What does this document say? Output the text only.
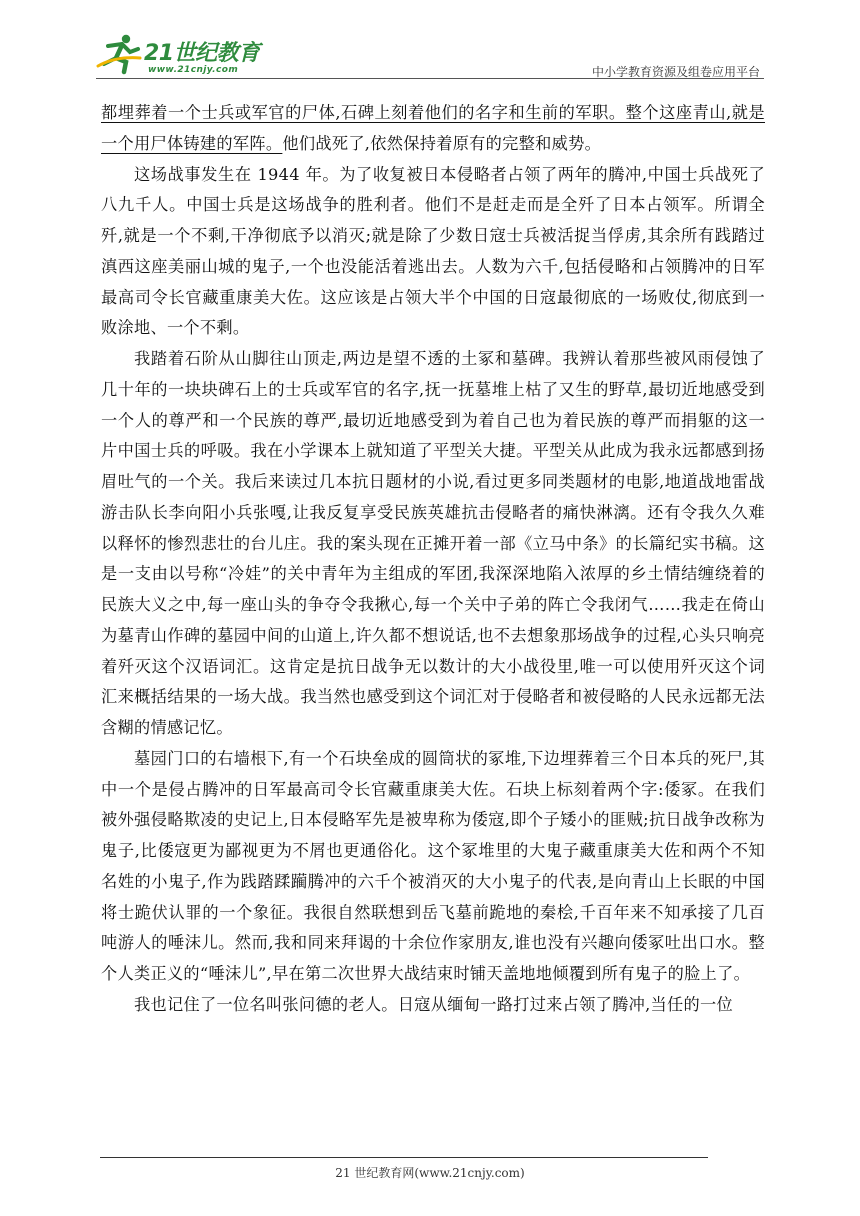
21世纪教育
www.21cnjy.com	中小学教育资源及组卷应用平台

都埋葬着一个士兵或军官的尸体,石碑上刻着他们的名字和生前的军职。整个这座青山,就是一个用尸体铸建的军阵。他们战死了,依然保持着原有的完整和威势。

这场战事发生在 1944 年。为了收复被日本侵略者占领了两年的腾冲,中国士兵战死了八九千人。中国士兵是这场战争的胜利者。他们不是赶走而是全歼了日本占领军。所谓全歼,就是一个不剩,干净彻底予以消灭;就是除了少数日寇士兵被活捉当俘虏,其余所有践踏过滇西这座美丽山城的鬼子,一个也没能活着逃出去。人数为六千,包括侵略和占领腾冲的日军最高司令长官藏重康美大佐。这应该是占领大半个中国的日寇最彻底的一场败仗,彻底到一败涂地、一个不剩。

我踏着石阶从山脚往山顶走,两边是望不透的土冢和墓碑。我辨认着那些被风雨侵蚀了几十年的一块块碑石上的士兵或军官的名字,抚一抚墓堆上枯了又生的野草,最切近地感受到一个人的尊严和一个民族的尊严,最切近地感受到为着自己也为着民族的尊严而捐躯的这一片中国士兵的呼吸。我在小学课本上就知道了平型关大捷。平型关从此成为我永远都感到扬眉吐气的一个关。我后来读过几本抗日题材的小说,看过更多同类题材的电影,地道战地雷战游击队长李向阳小兵张嘎,让我反复享受民族英雄抗击侵略者的痛快淋漓。还有令我久久难以释怀的惨烈悲壮的台儿庄。我的案头现在正摊开着一部《立马中条》的长篇纪实书稿。这是一支由以号称“冷娃”的关中青年为主组成的军团,我深深地陷入浓厚的乡土情结缠绕着的民族大义之中,每一座山头的争夺令我揪心,每一个关中子弟的阵亡令我闭气……我走在倚山为墓青山作碑的墓园中间的山道上,许久都不想说话,也不去想象那场战争的过程,心头只响亮着歼灭这个汉语词汇。这肯定是抗日战争无以数计的大小战役里,唯一可以使用歼灭这个词汇来概括结果的一场大战。我当然也感受到这个词汇对于侵略者和被侵略的人民永远都无法含糊的情感记忆。

墓园门口的右墙根下,有一个石块垒成的圆筒状的冢堆,下边埋葬着三个日本兵的死尸,其中一个是侵占腾冲的日军最高司令长官藏重康美大佐。石块上标刻着两个字:倭冢。在我们被外强侵略欺凌的史记上,日本侵略军先是被卑称为倭寇,即个子矮小的匪贼;抗日战争改称为鬼子,比倭寇更为鄙视更为不屑也更通俗化。这个冢堆里的大鬼子藏重康美大佐和两个不知名姓的小鬼子,作为践踏蹂躏腾冲的六千个被消灭的大小鬼子的代表,是向青山上长眠的中国将士跪伏认罪的一个象征。我很自然联想到岳飞墓前跪地的秦桧,千百年来不知承接了几百吨游人的唾沫儿。然而,我和同来拜谒的十余位作家朋友,谁也没有兴趣向倭冢吐出口水。整个人类正义的“唾沫儿”,早在第二次世界大战结束时铺天盖地地倾覆到所有鬼子的脸上了。

我也记住了一位名叫张问德的老人。日寇从缅甸一路打过来占领了腾冲,当任的一位

21 世纪教育网(www.21cnjy.com)
